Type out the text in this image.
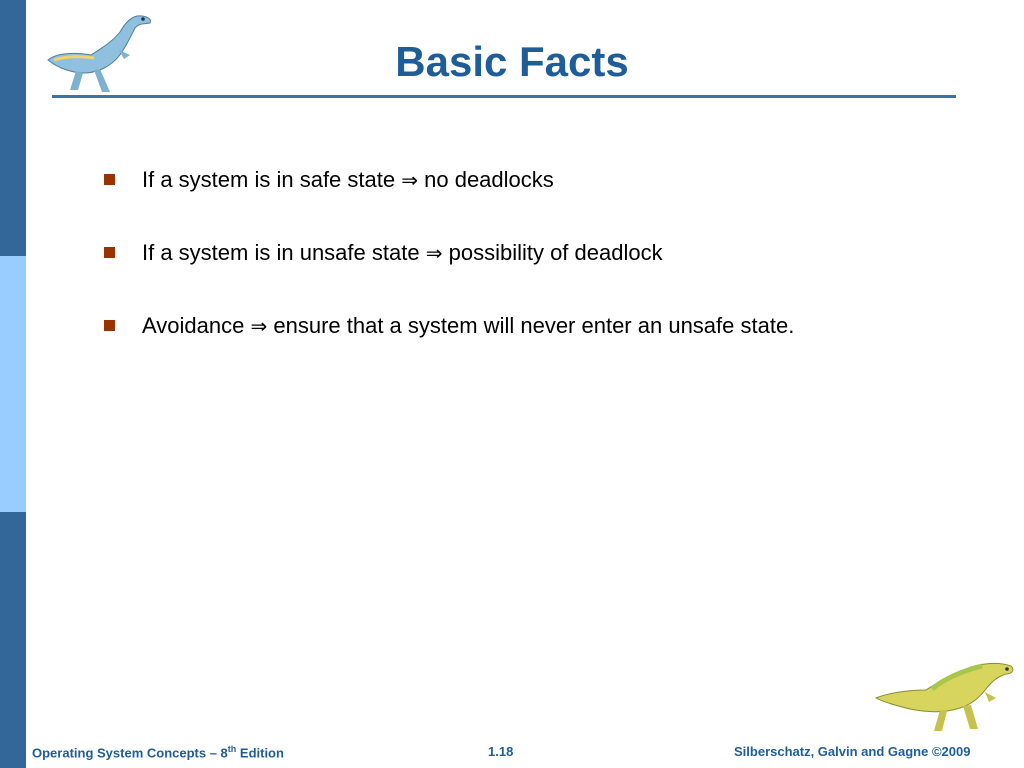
Basic Facts
If a system is in safe state ⇒ no deadlocks
If a system is in unsafe state ⇒ possibility of deadlock
Avoidance ⇒ ensure that a system will never enter an unsafe state.
Operating System Concepts – 8th Edition	1.18	Silberschatz, Galvin and Gagne ©2009
